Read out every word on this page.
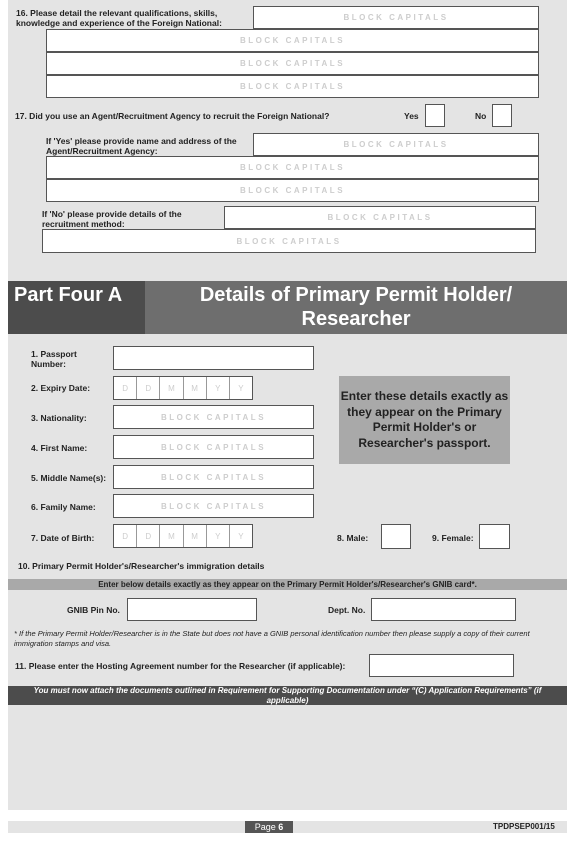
16. Please detail the relevant qualifications, skills, knowledge and experience of the Foreign National:
BLOCK CAPITALS
BLOCK CAPITALS
BLOCK CAPITALS
BLOCK CAPITALS
17. Did you use an Agent/Recruitment Agency to recruit the Foreign National?	Yes	No
If 'Yes' please provide name and address of the Agent/Recruitment Agency:
BLOCK CAPITALS
BLOCK CAPITALS
BLOCK CAPITALS
If 'No' please provide details of the recruitment method:
BLOCK CAPITALS
BLOCK CAPITALS
Part Four A	Details of Primary Permit Holder/ Researcher
1. Passport Number:
2. Expiry Date:	D	D	M	M	Y	Y
3. Nationality:	BLOCK CAPITALS
4. First Name:	BLOCK CAPITALS
5. Middle Name(s):	BLOCK CAPITALS
6. Family Name:	BLOCK CAPITALS
7. Date of Birth:	D	D	M	M	Y	Y	8. Male:	9. Female:
Enter these details exactly as they appear on the Primary Permit Holder's or Researcher's passport.
10. Primary Permit Holder's/Researcher's immigration details
Enter below details exactly as they appear on the Primary Permit Holder's/Researcher's GNIB card*.
GNIB Pin No.	Dept. No.
* If the Primary Permit Holder/Researcher is in the State but does not have a GNIB personal identification number then please supply a copy of their current immigration stamps and visa.
11. Please enter the Hosting Agreement number for the Researcher (if applicable):
You must now attach the documents outlined in Requirement for Supporting Documentation under “(C) Application Requirements” (if applicable)
Page 6	TPDPSEP001/15
